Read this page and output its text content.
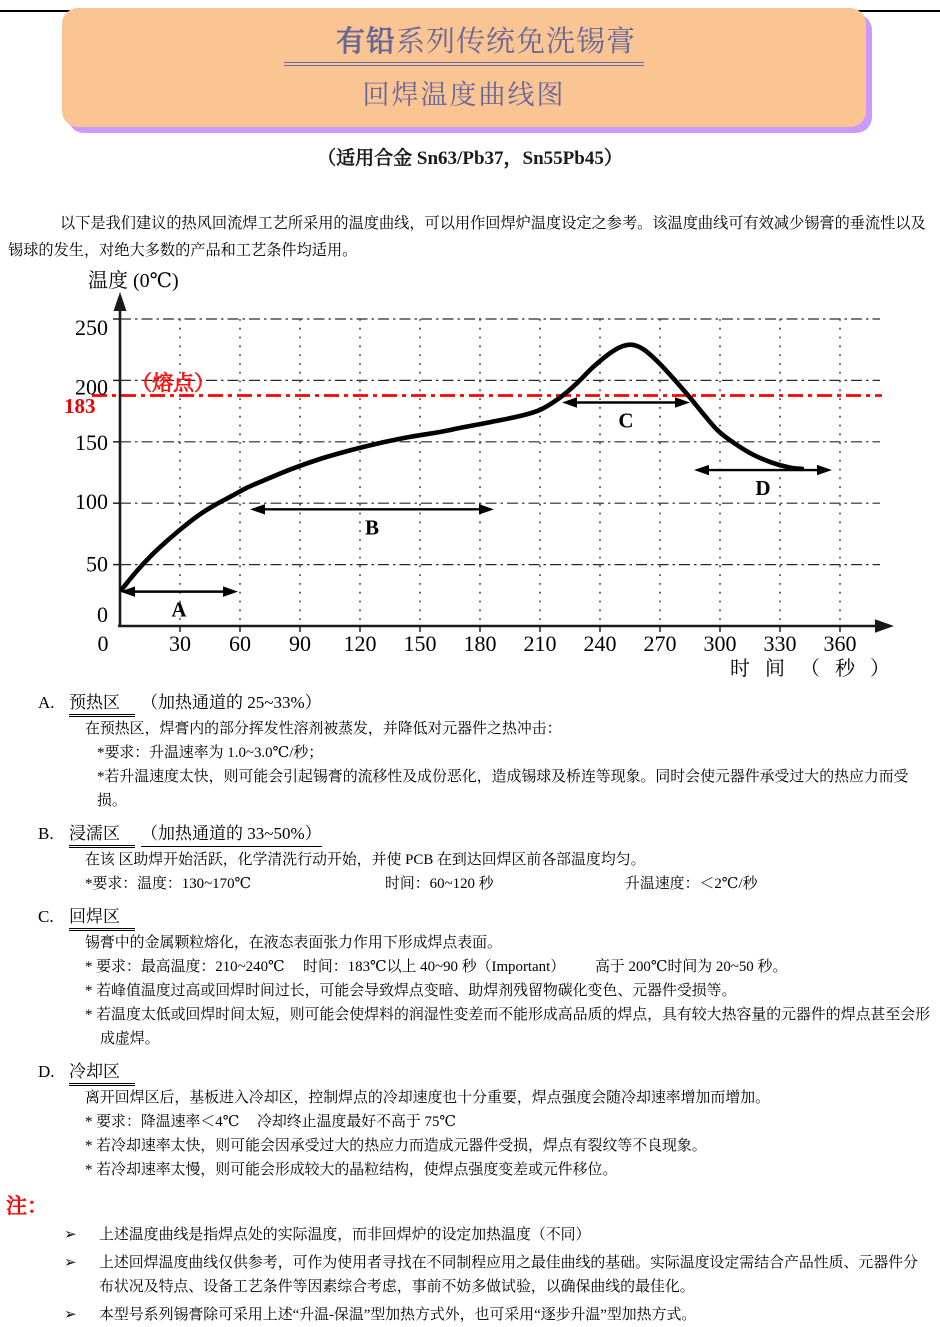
有铅系列传统免洗锡膏
回焊温度曲线图
（适用合金 Sn63/Pb37，Sn55Pb45）

以下是我们建议的热风回流焊工艺所采用的温度曲线，可以用作回焊炉温度设定之参考。该温度曲线可有效减少锡膏的垂流性以及锡球的发生，对绝大多数的产品和工艺条件均适用。

183
（熔点）
0
50
100
150
200
250
0	30 60 90 120 150 180 210 240 270 300 330 360
温度 (0℃)
时 间 （ 秒 ）
A
B
C
D
A. 预热区 （加热通道的 25~33%）
在预热区，焊膏内的部分挥发性溶剂被蒸发，并降低对元器件之热冲击：
*要求：升温速率为 1.0~3.0℃/秒；
*若升温速度太快，则可能会引起锡膏的流移性及成份恶化，造成锡球及桥连等现象。同时会使元器件承受过大的热应力而受损。
B. 浸濡区 （加热通道的 33~50%）
在该 区助焊开始活跃，化学清洗行动开始，并使 PCB 在到达回焊区前各部温度均匀。
*要求：温度：130~170℃	时间：60~120 秒	升温速度：＜2℃/秒
C. 回焊区
锡膏中的金属颗粒熔化，在液态表面张力作用下形成焊点表面。
* 要求：最高温度：210~240℃	时间：183℃以上 40~90 秒（Important）	高于 200℃时间为 20~50 秒。
* 若峰值温度过高或回焊时间过长，可能会导致焊点变暗、助焊剂残留物碳化变色、元器件受损等。
* 若温度太低或回焊时间太短，则可能会使焊料的润湿性变差而不能形成高品质的焊点，具有较大热容量的元器件的焊点甚至会形成虚焊。
D. 冷却区
离开回焊区后，基板进入冷却区，控制焊点的冷却速度也十分重要，焊点强度会随冷却速率增加而增加。
* 要求：降温速率＜4℃	冷却终止温度最好不高于 75℃
* 若冷却速率太快，则可能会因承受过大的热应力而造成元器件受损，焊点有裂纹等不良现象。
* 若冷却速率太慢，则可能会形成较大的晶粒结构，使焊点强度变差或元件移位。
注：
➢	上述温度曲线是指焊点处的实际温度，而非回焊炉的设定加热温度（不同）
➢	上述回焊温度曲线仅供参考，可作为使用者寻找在不同制程应用之最佳曲线的基础。实际温度设定需结合产品性质、元器件分布状况及特点、设备工艺条件等因素综合考虑，事前不妨多做试验，以确保曲线的最佳化。
➢	本型号系列锡膏除可采用上述“升温-保温”型加热方式外，也可采用“逐步升温”型加热方式。
